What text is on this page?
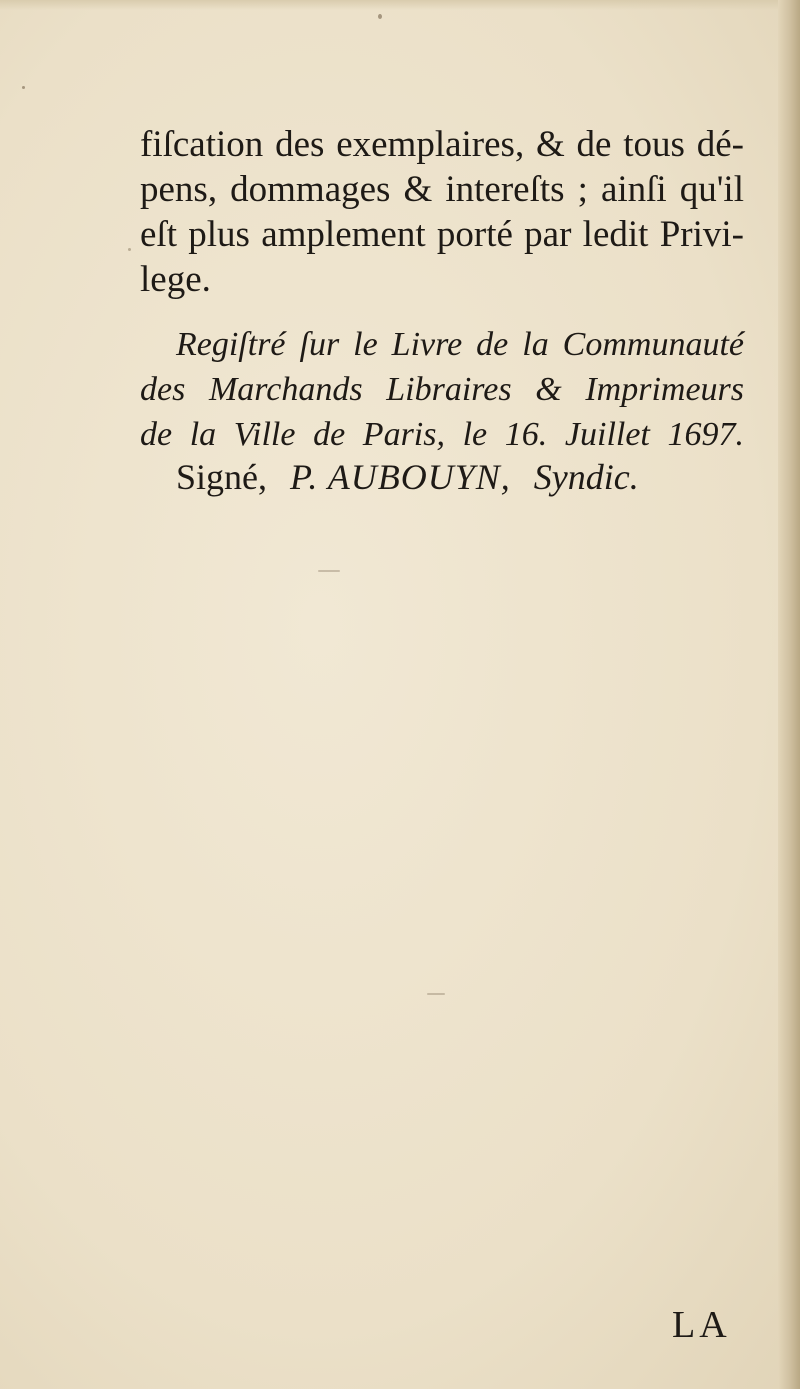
fiſcation des exemplaires, & de tous dé-
pens, dommages & intereſts ; ainſi qu'il
eſt plus amplement porté par ledit Privi-
lege.
Regiſtré ſur le Livre de la Communauté
des Marchands Libraires & Imprimeurs
de la Ville de Paris, le 16. Juillet 1697.
Signé, P. AUBOUYN, Syndic.
LA
